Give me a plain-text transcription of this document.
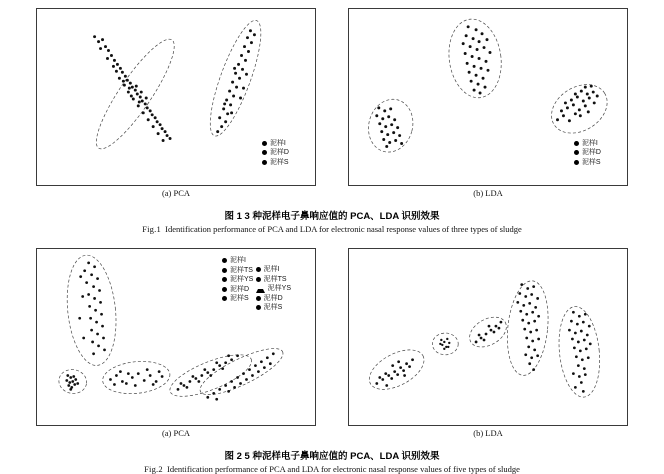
泥样I
泥样D
泥样S
泥样I
泥样D
泥样S
(a) PCA	(b) LDA
图 1 3 种泥样电子鼻响应值的 PCA、LDA 识别效果
Fig.1 Identification performance of PCA and LDA for electronic nasal response values of three types of sludge
泥样I
泥样TS
泥样YS
泥样D
泥样S
泥样I
泥样TS
泥样YS
泥样D
泥样S
(a) PCA	(b) LDA
图 2 5 种泥样电子鼻响应值的 PCA、LDA 识别效果
Fig.2 Identification performance of PCA and LDA for electronic nasal response values of five types of sludge
